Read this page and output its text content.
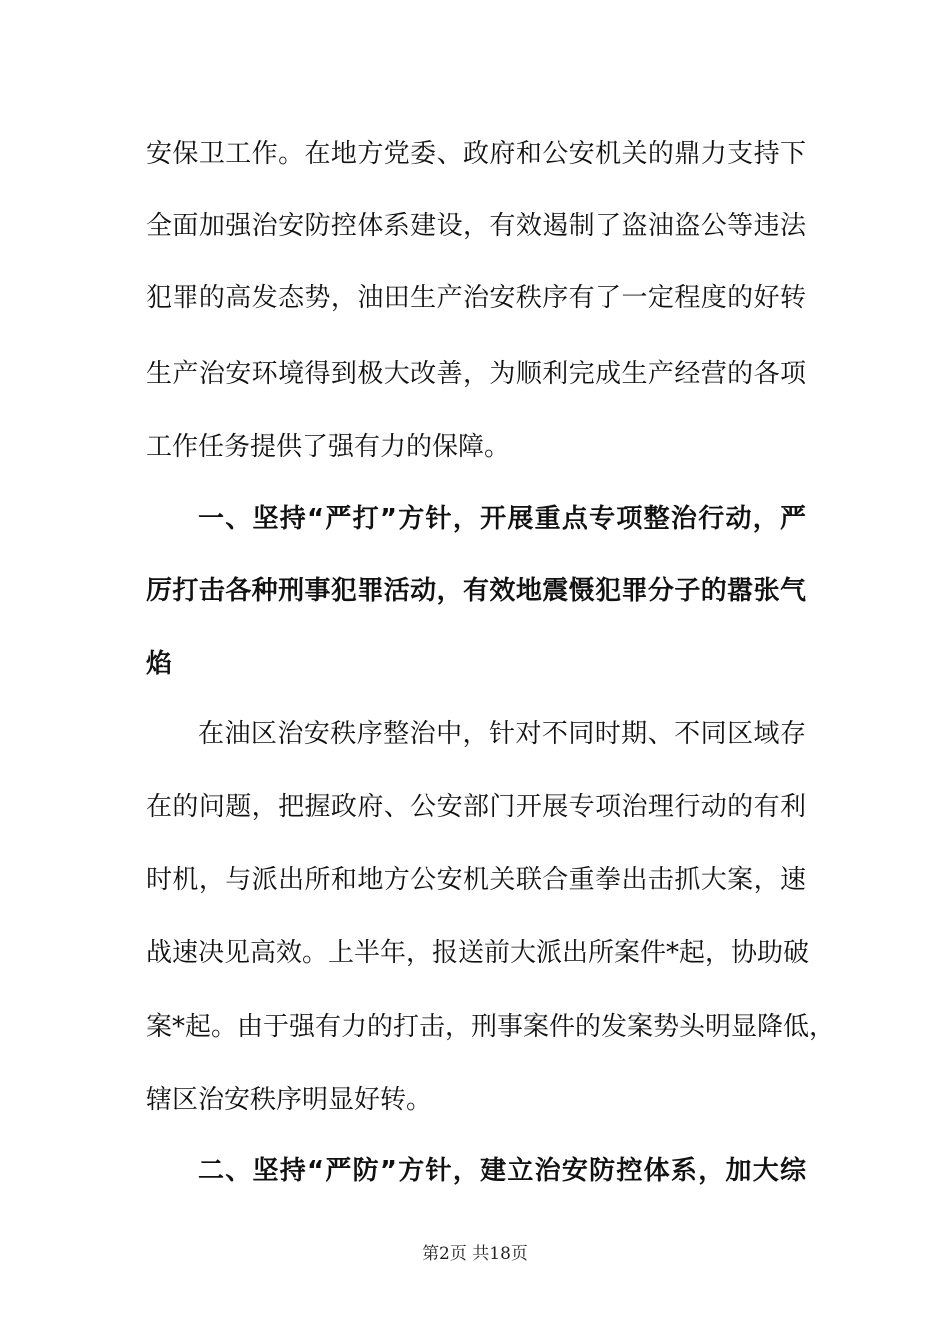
安保卫工作。在地方党委、政府和公安机关的鼎力支持下
全面加强治安防控体系建设，有效遏制了盗油盗公等违法
犯罪的高发态势，油田生产治安秩序有了一定程度的好转
生产治安环境得到极大改善，为顺利完成生产经营的各项
工作任务提供了强有力的保障。
一、坚持“严打”方针，开展重点专项整治行动，严
厉打击各种刑事犯罪活动，有效地震慑犯罪分子的嚣张气
焰
在油区治安秩序整治中，针对不同时期、不同区域存
在的问题，把握政府、公安部门开展专项治理行动的有利
时机，与派出所和地方公安机关联合重拳出击抓大案，速
战速决见高效。上半年，报送前大派出所案件*起，协助破
案*起。由于强有力的打击，刑事案件的发案势头明显降低，
辖区治安秩序明显好转。
二、坚持“严防”方针，建立治安防控体系，加大综
第2页 共18页
